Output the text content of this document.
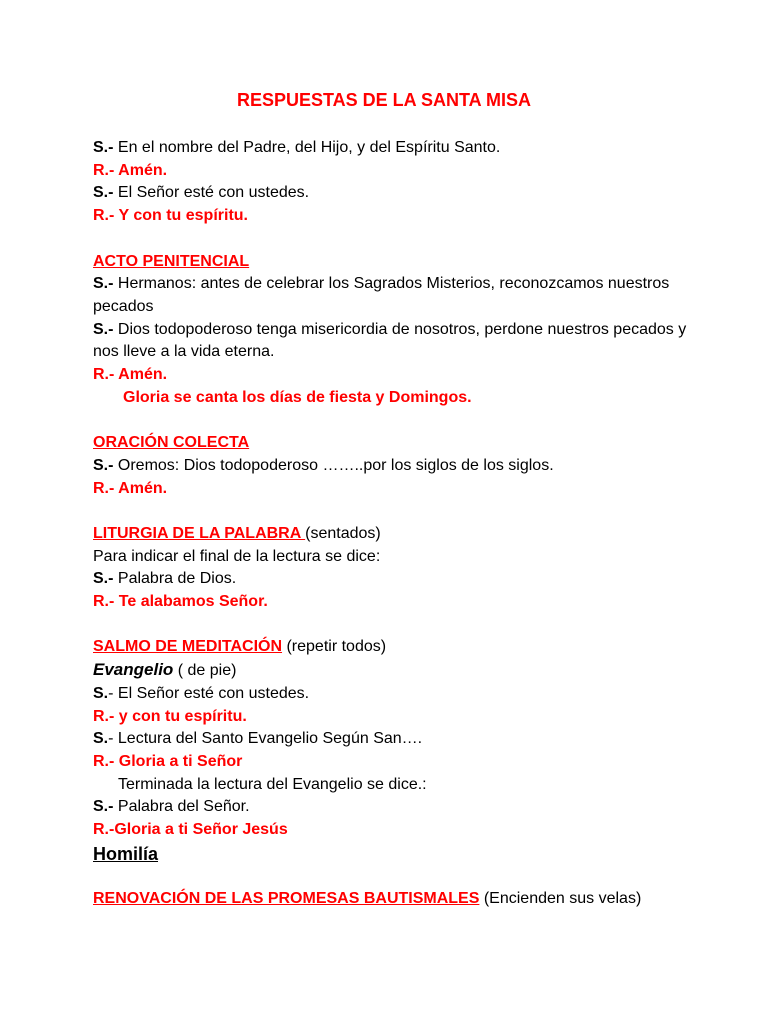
RESPUESTAS DE LA SANTA MISA

S.- En el nombre del Padre, del Hijo, y del Espíritu Santo.

R.- Amén.

S.- El Señor esté con ustedes.

R.- Y con tu espíritu.

ACTO PENITENCIAL

S.- Hermanos: antes de celebrar los Sagrados Misterios, reconozcamos nuestros pecados

S.- Dios todopoderoso tenga misericordia de nosotros, perdone nuestros pecados y nos lleve a la vida eterna.

R.- Amén.

Gloria se canta los días de fiesta y Domingos.

ORACIÓN COLECTA

S.- Oremos: Dios todopoderoso ……..por los siglos de los siglos.

R.- Amén.

LITURGIA DE LA PALABRA (sentados)

Para indicar el final de la lectura se dice:

S.- Palabra de Dios.

R.- Te alabamos Señor.

SALMO DE MEDITACIÓN (repetir todos)

Evangelio ( de pie)

S.- El Señor esté con ustedes.

R.- y con tu espíritu.

S.- Lectura del Santo Evangelio Según San….

R.- Gloria a ti Señor

Terminada la lectura del Evangelio se dice.:

S.- Palabra del Señor.

R.-Gloria a ti Señor Jesús

Homilía

RENOVACIÓN DE LAS PROMESAS BAUTISMALES (Encienden sus velas)
